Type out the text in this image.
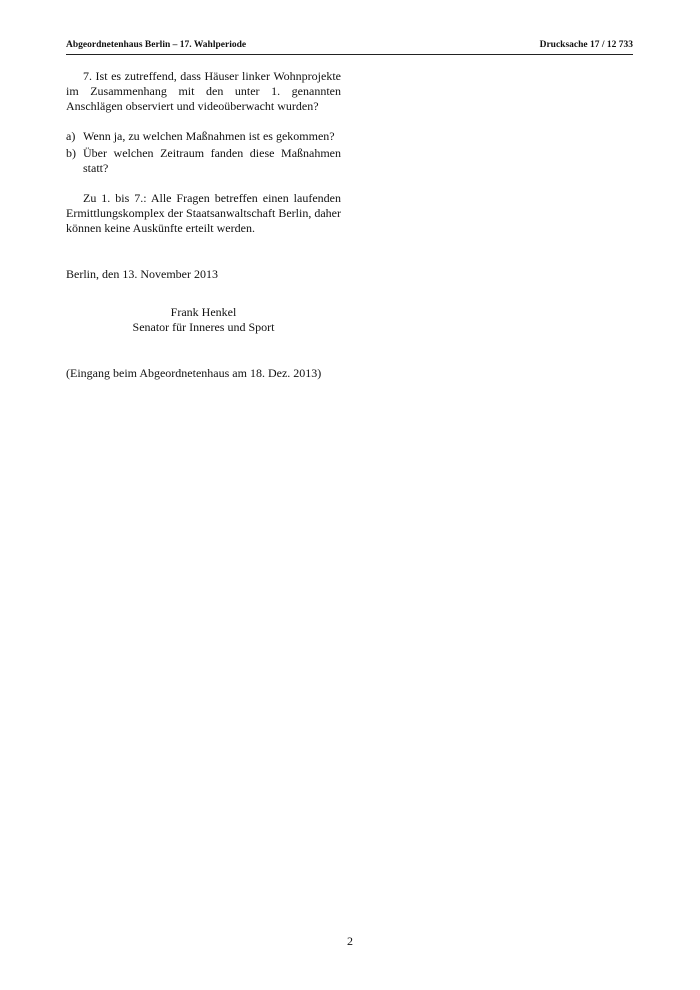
Abgeordnetenhaus Berlin – 17. Wahlperiode	Drucksache 17 / 12 733

7. Ist es zutreffend, dass Häuser linker Wohnprojekte im Zusammenhang mit den unter 1. genannten Anschlägen observiert und videoüberwacht wurden?

a) Wenn ja, zu welchen Maßnahmen ist es gekommen?
b) Über welchen Zeitraum fanden diese Maßnahmen statt?

Zu 1. bis 7.: Alle Fragen betreffen einen laufenden Ermittlungskomplex der Staatsanwaltschaft Berlin, daher können keine Auskünfte erteilt werden.

Berlin, den 13. November 2013
Frank Henkel
Senator für Inneres und Sport
(Eingang beim Abgeordnetenhaus am 18. Dez. 2013)
2
